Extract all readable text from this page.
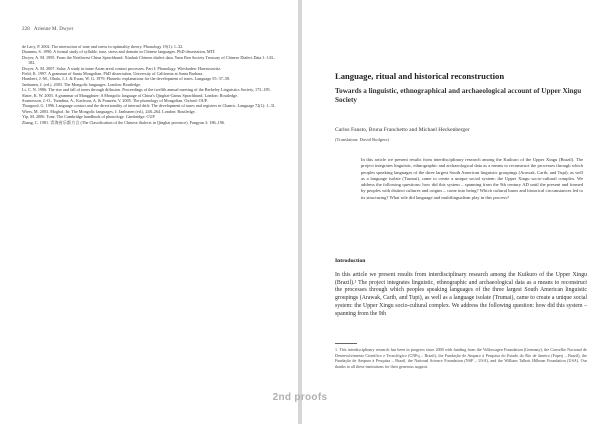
228 Arienne M. Dwyer

de Lacy, P. 2002. The interaction of tone and stress in optimality theory. Phonology 19(1): 1–32.

Duanmu, S. 1990. A formal study of syllable, tone, stress and domain in Chinese languages. PhD dissertation, MIT.

Dwyer, A. M. 1995. From the Northwest China Sprachbund: Xúnhuà Chinese dialect data. Yuen Ren Society Treasury of Chinese Dialect Data 1: 143–182.

Dwyer, A. M. 2007. Salar: A study in inner Asian areal contact processes. Part I: Phonology. Wiesbaden: Harrassowitz.

Field, K. 1997. A grammar of Santa Mongolian. PhD dissertation, University of California at Santa Barbara.

Hombert, J.-M., Ohala, J. J. & Ewan, W. G. 1979. Phonetic explanations for the development of tones. Language 55: 37–58.

Janhunen, J. (ed.). 2003. The Mongolic languages. London: Routledge.

Li, C. N. 1986. The rise and fall of tones through diffusion. Proceedings of the twelfth annual meeting of the Berkeley Linguistics Society, 173–185.

Slater, K. W. 2003. A grammar of Mangghuer: A Mongolic language of China's Qinghai-Gansu Sprachbund. London: Routledge.

Svantesson, J.-O., Tsendina, A., Karlsson, A. & Franzén, V. 2005. The phonology of Mongolian. Oxford: OUP.

Thurgood, G. 1996. Language contact and the directionality of internal drift: The development of tones and registers in Chamic. Language 72(1): 1–31.

Wiers, M. 2003. Moghol. In: The Mongolic languages, J. Janhunen (ed.), 248–264. London: Routledge.

Yip, M. 2006. Tone. The Cambridge handbook of phonology. Cambridge: CUP.

Zhang, C. 1981. 青海省乐都方言 (The Classification of the Chinese dialects in Qinghai province). Fangyan 3: 186–196.

Language, ritual and historical reconstruction
Towards a linguistic, ethnographical and archaeological account of Upper Xingu Society
Carlos Fausto, Bruna Franchetto and Michael Heckenberger
(Translation: David Rodgers)

In this article we present results from interdisciplinary research among the Kuikuro of the Upper Xingu (Brazil). The project integrates linguistic, ethnographic and archaeological data as a means to reconstruct the processes through which peoples speaking languages of the three largest South American linguistic groupings (Arawak, Carib, and Tupi), as well as a language isolate (Trumai), came to create a unique social system: the Upper Xingu socio-cultural complex. We address the following questions: how did this system – spanning from the 9th century AD until the present and formed by peoples with distinct cultures and origins – come into being? Which cultural bases and historical circumstances led to its structuring? What role did language and multilingualism play in this process?

Introduction

In this article we present results from interdisciplinary research among the Kuikuro of the Upper Xingu (Brazil).¹ The project integrates linguistic, ethnographic and archaeological data as a means to reconstruct the processes through which peoples speaking languages of the three largest South American linguistic groupings (Arawak, Carib, and Tupi), as well as a language isolate (Trumai), came to create a unique social system: the Upper Xingu socio-cultural complex. We address the following question: how did this system – spanning from the 9th

1. This interdisciplinary research has been in progress since 2000 with funding from the Volkswagen Foundation (Germany), the Conselho Nacional de Desenvolvimento Científico e Tecnológico (CNPq – Brazil), the Fundação de Amparo à Pesquisa do Estado do Rio de Janeiro (Faperj – Brazil), the Fundação de Amparo à Pesquisa – Brazil, the National Science Foundation (NSF – USA), and the William Talbott Hillman Foundation (USA). Our thanks to all these institutions for their generous support.

2nd proofs
